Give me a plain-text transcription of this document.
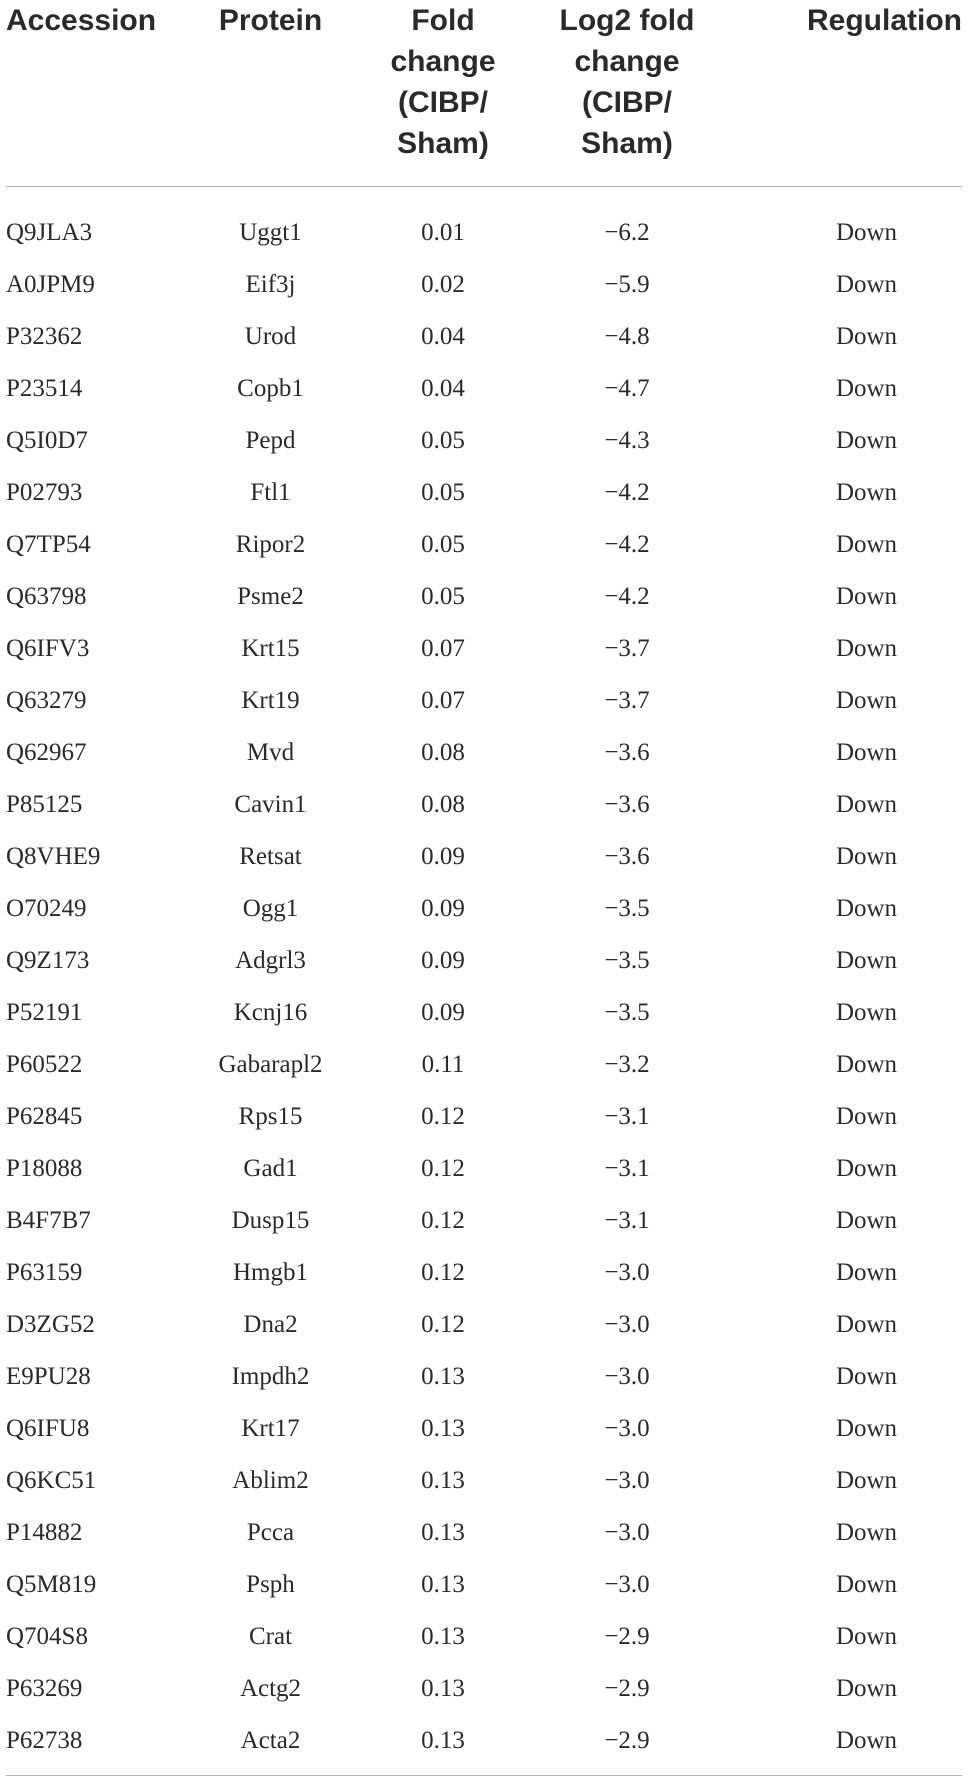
Accession	Protein	Fold
change
(CIBP/
Sham)	Log2 fold
change
(CIBP/
Sham)	Regulation

Q9JLA3	Uggt1	0.01	−6.2	Down
A0JPM9	Eif3j	0.02	−5.9	Down
P32362	Urod	0.04	−4.8	Down
P23514	Copb1	0.04	−4.7	Down
Q5I0D7	Pepd	0.05	−4.3	Down
P02793	Ftl1	0.05	−4.2	Down
Q7TP54	Ripor2	0.05	−4.2	Down
Q63798	Psme2	0.05	−4.2	Down
Q6IFV3	Krt15	0.07	−3.7	Down
Q63279	Krt19	0.07	−3.7	Down
Q62967	Mvd	0.08	−3.6	Down
P85125	Cavin1	0.08	−3.6	Down
Q8VHE9	Retsat	0.09	−3.6	Down
O70249	Ogg1	0.09	−3.5	Down
Q9Z173	Adgrl3	0.09	−3.5	Down
P52191	Kcnj16	0.09	−3.5	Down
P60522	Gabarapl2	0.11	−3.2	Down
P62845	Rps15	0.12	−3.1	Down
P18088	Gad1	0.12	−3.1	Down
B4F7B7	Dusp15	0.12	−3.1	Down
P63159	Hmgb1	0.12	−3.0	Down
D3ZG52	Dna2	0.12	−3.0	Down
E9PU28	Impdh2	0.13	−3.0	Down
Q6IFU8	Krt17	0.13	−3.0	Down
Q6KC51	Ablim2	0.13	−3.0	Down
P14882	Pcca	0.13	−3.0	Down
Q5M819	Psph	0.13	−3.0	Down
Q704S8	Crat	0.13	−2.9	Down
P63269	Actg2	0.13	−2.9	Down
P62738	Acta2	0.13	−2.9	Down
